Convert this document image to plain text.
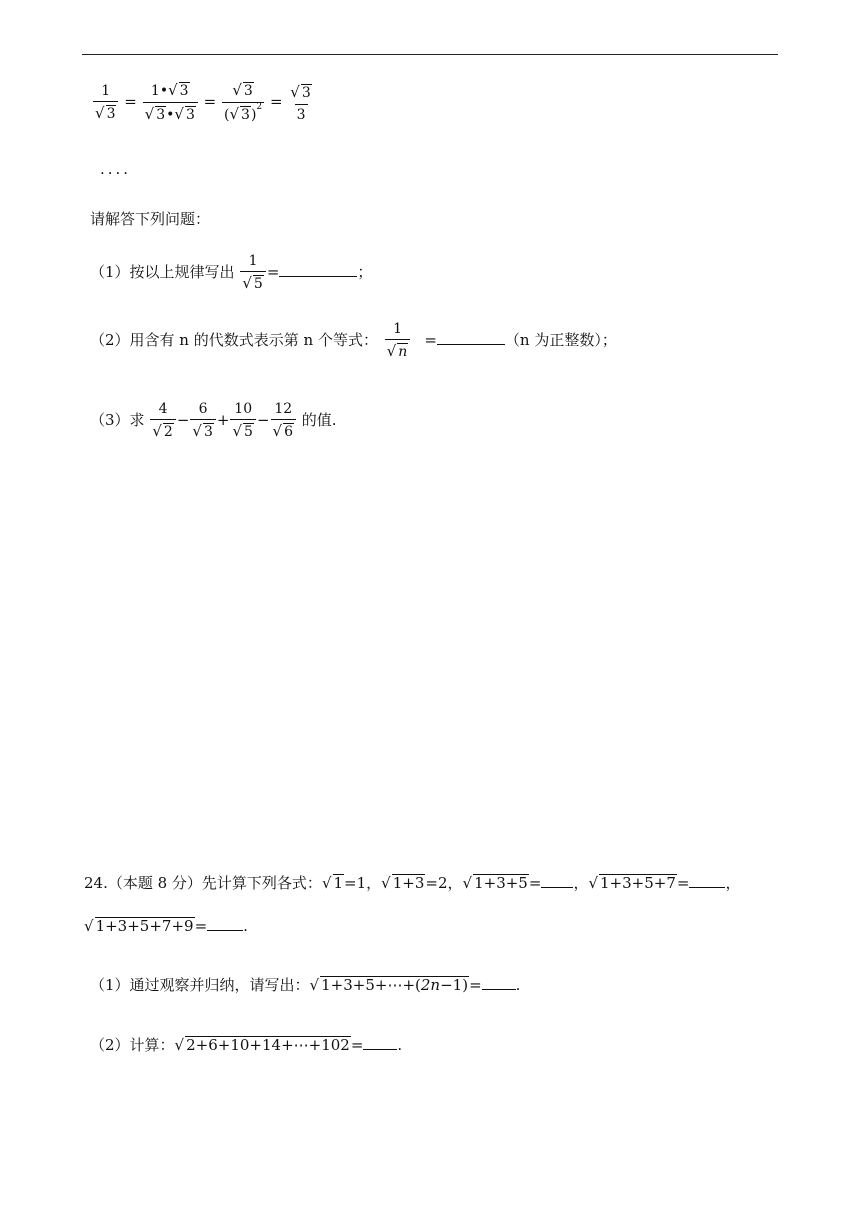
$\frac{1}{√ 3} = \frac{1•√ 3}{√ 3•√ 3} = \frac{√ 3}{(√ 3)^2} = \frac{√ 3}{3}$
....
请解答下列问题：
（1）按以上规律写出 $\frac{1}{√ 5}$ =	；
（2）用含有 n 的代数式表示第 n 个等式： $\frac{1}{√ n}$ =	（n 为正整数）；
（3）求 $\frac{4}{√ 2} - \frac{6}{√ 3} + \frac{10}{√ 5} - \frac{12}{√ 6}$ 的值.
24.（本题 8 分）先计算下列各式：√ 1=1，√ 1+3=2，√ 1+3+5= ，√ 1+3+5+7= ，
√ 1+3+5+7+9= .
（1）通过观察并归纳，请写出：√ 1+3+5+⋯+(2n−1)= .
（2）计算：√ 2+6+10+14+⋯+102= .
